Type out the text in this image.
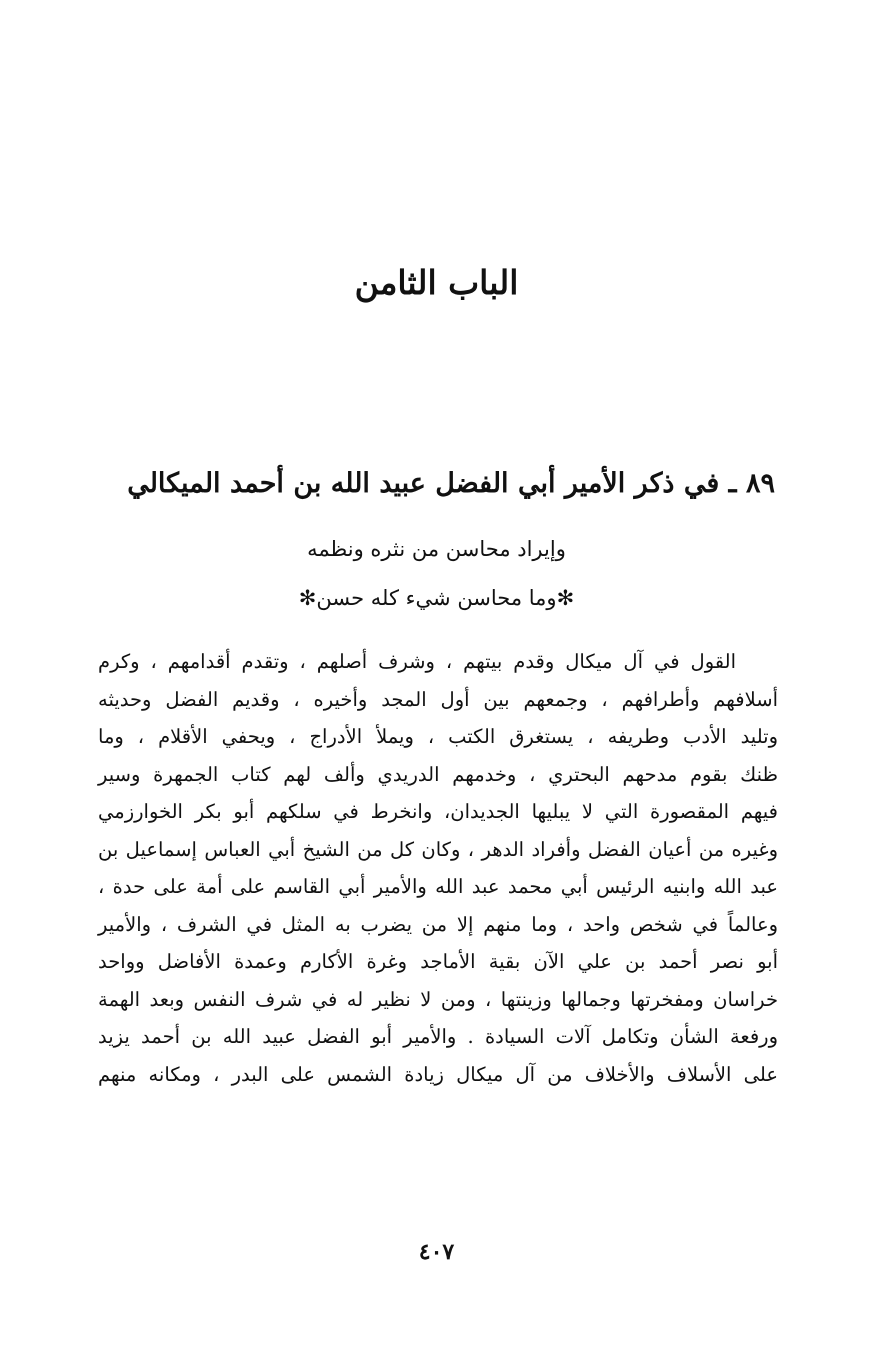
الباب الثامن
٨٩ ـ في ذكر الأمير أبي الفضل عبيد الله بن أحمد الميكالي
وإيراد محاسن من نثره ونظمه
✻وما محاسن شيء كله حسن✻
القول في آل ميكال وقدم بيتهم ، وشرف أصلهم ، وتقدم أقدامهم ، وكرم
أسلافهم وأطرافهم ، وجمعهم بين أول المجد وأخيره ، وقديم الفضل وحديثه
وتليد الأدب وطريفه ، يستغرق الكتب ، ويملأ الأدراج ، ويحفي الأقلام ، وما
ظنك بقوم مدحهم البحتري ، وخدمهم الدريدي وألف لهم كتاب الجمهرة وسير
فيهم المقصورة التي لا يبليها الجديدان، وانخرط في سلكهم أبو بكر الخوارزمي
وغيره من أعيان الفضل وأفراد الدهر ، وكان كل من الشيخ أبي العباس إسماعيل بن
عبد الله وابنيه الرئيس أبي محمد عبد الله والأمير أبي القاسم على أمة على حدة ،
وعالماً في شخص واحد ، وما منهم إلا من يضرب به المثل في الشرف ، والأمير
أبو نصر أحمد بن علي الآن بقية الأماجد وغرة الأكارم وعمدة الأفاضل وواحد
خراسان ومفخرتها وجمالها وزينتها ، ومن لا نظير له في شرف النفس وبعد الهمة
ورفعة الشأن وتكامل آلات السيادة . والأمير أبو الفضل عبيد الله بن أحمد يزيد
على الأسلاف والأخلاف من آل ميكال زيادة الشمس على البدر ، ومكانه منهم
٤٠٧
